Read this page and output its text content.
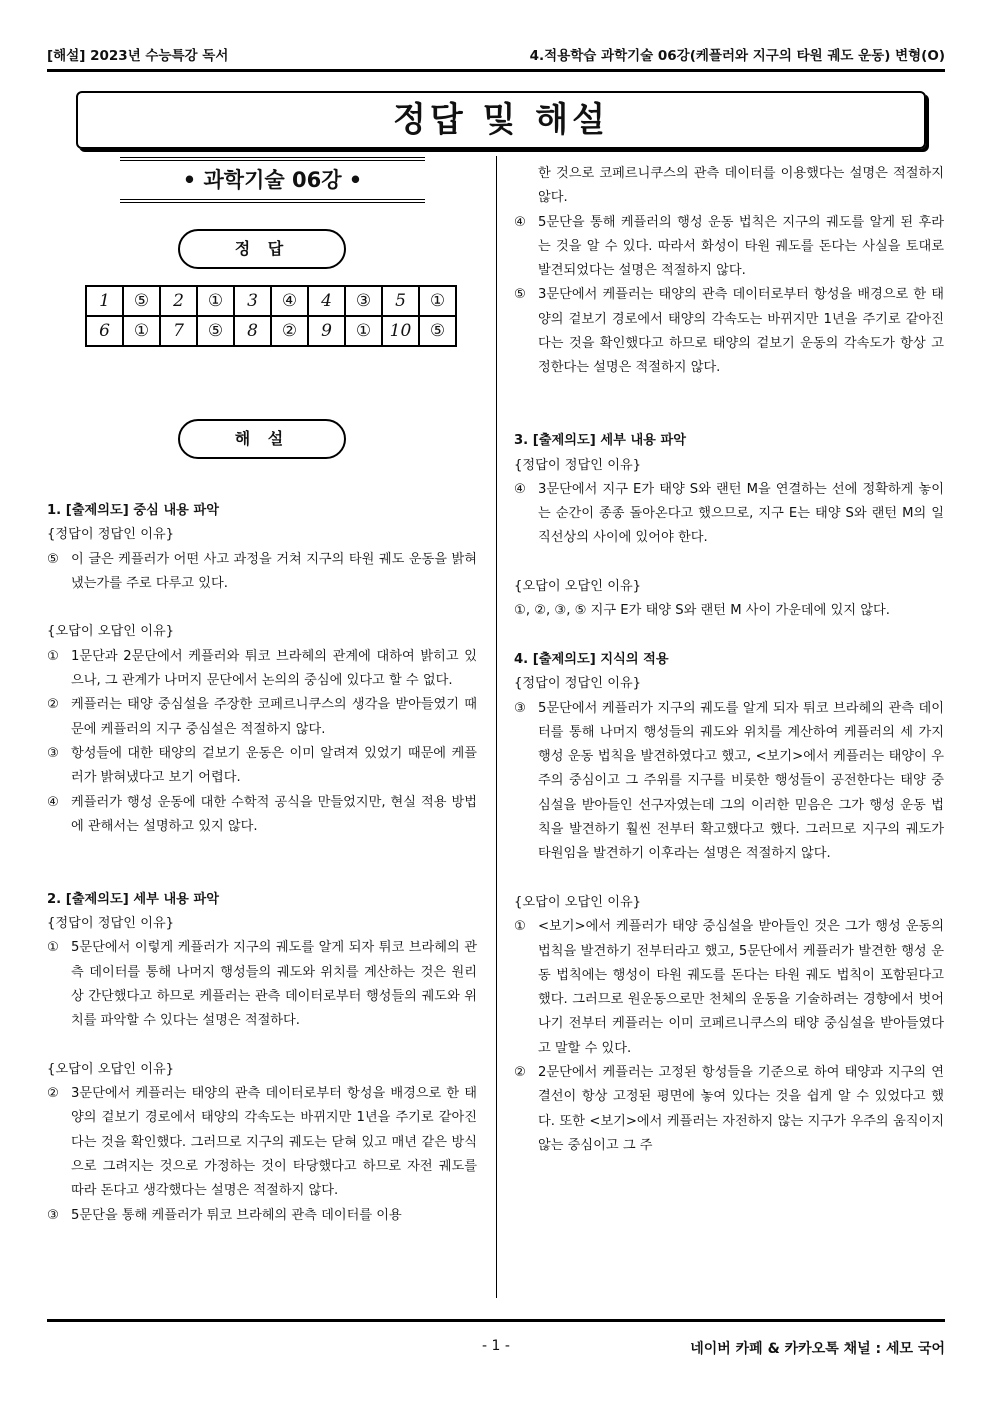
[해설] 2023년 수능특강 독서	4.적용학습 과학기술 06강(케플러와 지구의 타원 궤도 운동) 변형(O)
정답 및 해설
• 과학기술 06강 •
정 답
1	⑤	2	①	3	④	4	③	5	①
6	①	7	⑤	8	②	9	①	10	⑤
해 설
1. [출제의도] 중심 내용 파악
{정답이 정답인 이유}
⑤ 이 글은 케플러가 어떤 사고 과정을 거쳐 지구의 타원 궤도 운동을 밝혀냈는가를 주로 다루고 있다.
{오답이 오답인 이유}
① 1문단과 2문단에서 케플러와 튀코 브라헤의 관계에 대하여 밝히고 있으나, 그 관계가 나머지 문단에서 논의의 중심에 있다고 할 수 없다.
② 케플러는 태양 중심설을 주장한 코페르니쿠스의 생각을 받아들였기 때문에 케플러의 지구 중심설은 적절하지 않다.
③ 항성들에 대한 태양의 겉보기 운동은 이미 알려져 있었기 때문에 케플러가 밝혀냈다고 보기 어렵다.
④ 케플러가 행성 운동에 대한 수학적 공식을 만들었지만, 현실 적용 방법에 관해서는 설명하고 있지 않다.
2. [출제의도] 세부 내용 파악
{정답이 정답인 이유}
① 5문단에서 이렇게 케플러가 지구의 궤도를 알게 되자 튀코 브라헤의 관측 데이터를 통해 나머지 행성들의 궤도와 위치를 계산하는 것은 원리상 간단했다고 하므로 케플러는 관측 데이터로부터 행성들의 궤도와 위치를 파악할 수 있다는 설명은 적절하다.
{오답이 오답인 이유}
② 3문단에서 케플러는 태양의 관측 데이터로부터 항성을 배경으로 한 태양의 겉보기 경로에서 태양의 각속도는 바뀌지만 1년을 주기로 같아진다는 것을 확인했다. 그러므로 지구의 궤도는 닫혀 있고 매년 같은 방식으로 그려지는 것으로 가정하는 것이 타당했다고 하므로 자전 궤도를 따라 돈다고 생각했다는 설명은 적절하지 않다.
③ 5문단을 통해 케플러가 튀코 브라헤의 관측 데이터를 이용
한 것으로 코페르니쿠스의 관측 데이터를 이용했다는 설명은 적절하지 않다.
④ 5문단을 통해 케플러의 행성 운동 법칙은 지구의 궤도를 알게 된 후라는 것을 알 수 있다. 따라서 화성이 타원 궤도를 돈다는 사실을 토대로 발견되었다는 설명은 적절하지 않다.
⑤ 3문단에서 케플러는 태양의 관측 데이터로부터 항성을 배경으로 한 태양의 겉보기 경로에서 태양의 각속도는 바뀌지만 1년을 주기로 같아진다는 것을 확인했다고 하므로 태양의 겉보기 운동의 각속도가 항상 고정한다는 설명은 적절하지 않다.
3. [출제의도] 세부 내용 파악
{정답이 정답인 이유}
④ 3문단에서 지구 E가 태양 S와 랜턴 M을 연결하는 선에 정확하게 놓이는 순간이 종종 돌아온다고 했으므로, 지구 E는 태양 S와 랜턴 M의 일직선상의 사이에 있어야 한다.
{오답이 오답인 이유}
①, ②, ③, ⑤ 지구 E가 태양 S와 랜턴 M 사이 가운데에 있지 않다.
4. [출제의도] 지식의 적용
{정답이 정답인 이유}
③ 5문단에서 케플러가 지구의 궤도를 알게 되자 튀코 브라헤의 관측 데이터를 통해 나머지 행성들의 궤도와 위치를 계산하여 케플러의 세 가지 행성 운동 법칙을 발견하였다고 했고, <보기>에서 케플러는 태양이 우주의 중심이고 그 주위를 지구를 비롯한 행성들이 공전한다는 태양 중심설을 받아들인 선구자였는데 그의 이러한 믿음은 그가 행성 운동 법칙을 발견하기 훨씬 전부터 확고했다고 했다. 그러므로 지구의 궤도가 타원임을 발견하기 이후라는 설명은 적절하지 않다.
{오답이 오답인 이유}
① <보기>에서 케플러가 태양 중심설을 받아들인 것은 그가 행성 운동의 법칙을 발견하기 전부터라고 했고, 5문단에서 케플러가 발견한 행성 운동 법칙에는 행성이 타원 궤도를 돈다는 타원 궤도 법칙이 포함된다고 했다. 그러므로 원운동으로만 천체의 운동을 기술하려는 경향에서 벗어나기 전부터 케플러는 이미 코페르니쿠스의 태양 중심설을 받아들였다고 말할 수 있다.
② 2문단에서 케플러는 고정된 항성들을 기준으로 하여 태양과 지구의 연결선이 항상 고정된 평면에 놓여 있다는 것을 쉽게 알 수 있었다고 했다. 또한 <보기>에서 케플러는 자전하지 않는 지구가 우주의 움직이지 않는 중심이고 그 주
- 1 -	네이버 카페 & 카카오톡 채널 : 세모 국어
